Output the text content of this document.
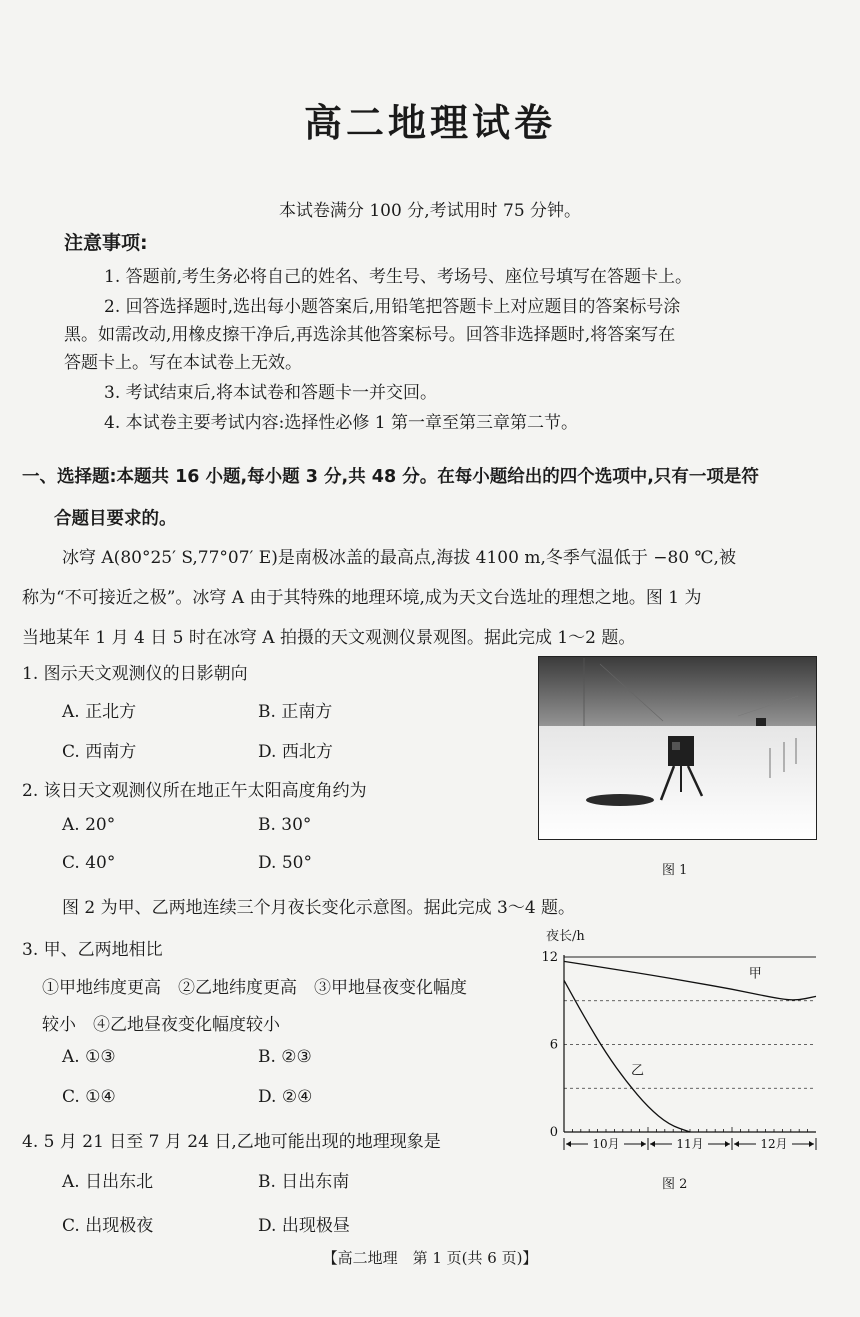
高二地理试卷
本试卷满分 100 分,考试用时 75 分钟。
注意事项:
1. 答题前,考生务必将自己的姓名、考生号、考场号、座位号填写在答题卡上。
2. 回答选择题时,选出每小题答案后,用铅笔把答题卡上对应题目的答案标号涂
黑。如需改动,用橡皮擦干净后,再选涂其他答案标号。回答非选择题时,将答案写在
答题卡上。写在本试卷上无效。
3. 考试结束后,将本试卷和答题卡一并交回。
4. 本试卷主要考试内容:选择性必修 1 第一章至第三章第二节。
一、选择题:本题共 16 小题,每小题 3 分,共 48 分。在每小题给出的四个选项中,只有一项是符
合题目要求的。
冰穹 A(80°25′ S,77°07′ E)是南极冰盖的最高点,海拔 4100 m,冬季气温低于 −80 ℃,被
称为“不可接近之极”。冰穹 A 由于其特殊的地理环境,成为天文台选址的理想之地。图 1 为
当地某年 1 月 4 日 5 时在冰穹 A 拍摄的天文观测仪景观图。据此完成 1～2 题。
1. 图示天文观测仪的日影朝向
A. 正北方	B. 正南方
C. 西南方	D. 西北方
2. 该日天文观测仪所在地正午太阳高度角约为
A. 20°	B. 30°
C. 40°	D. 50°	图 1
图 2 为甲、乙两地连续三个月夜长变化示意图。据此完成 3～4 题。
3. 甲、乙两地相比
①甲地纬度更高　②乙地纬度更高　③甲地昼夜变化幅度
较小　④乙地昼夜变化幅度较小
A. ①③	B. ②③
C. ①④	D. ②④
4. 5 月 21 日至 7 月 24 日,乙地可能出现的地理现象是
A. 日出东北	B. 日出东南
C. 出现极夜	D. 出现极昼
夜长/h
0
6
12
10月	11月	12月
甲
乙
图 2
【高二地理　第 1 页(共 6 页)】
